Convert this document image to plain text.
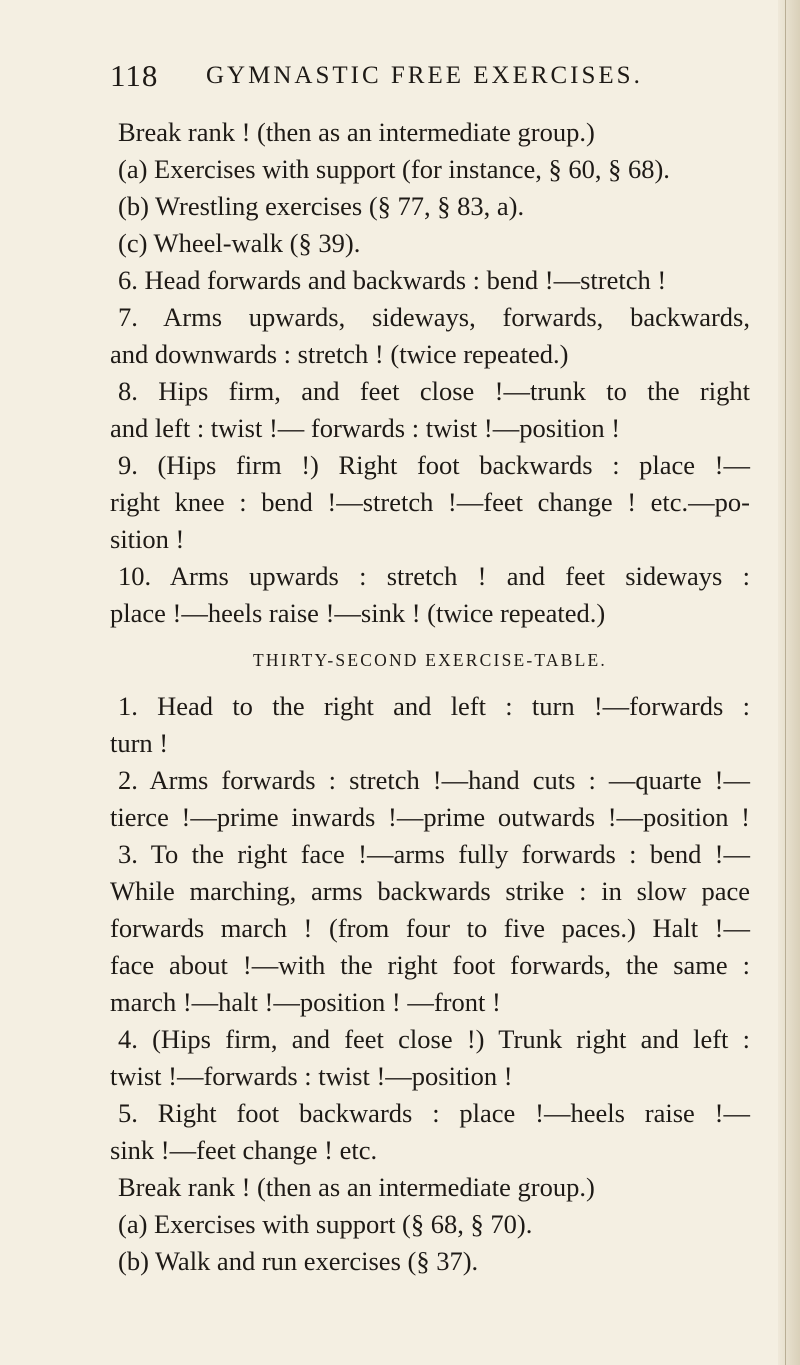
118 GYMNASTIC FREE EXERCISES.
Break rank ! (then as an intermediate group.)
(a) Exercises with support (for instance, § 60, § 68).
(b) Wrestling exercises (§ 77, § 83, a).
(c) Wheel-walk (§ 39).
6. Head forwards and backwards : bend !—stretch !
7. Arms upwards, sideways, forwards, backwards,
and downwards : stretch ! (twice repeated.)
8. Hips firm, and feet close !—trunk to the right
and left : twist !— forwards : twist !—position !
9. (Hips firm !) Right foot backwards : place !—
right knee : bend !—stretch !—feet change ! etc.—po-
sition !
10. Arms upwards : stretch ! and feet sideways :
place !—heels raise !—sink ! (twice repeated.)
THIRTY-SECOND EXERCISE-TABLE.
1. Head to the right and left : turn !—forwards :
turn !
2. Arms forwards : stretch !—hand cuts : —quarte !—
tierce !—prime inwards !—prime outwards !—position !
3. To the right face !—arms fully forwards : bend !—
While marching, arms backwards strike : in slow pace
forwards march ! (from four to five paces.) Halt !—
face about !—with the right foot forwards, the same :
march !—halt !—position ! —front !
4. (Hips firm, and feet close !) Trunk right and left :
twist !—forwards : twist !—position !
5. Right foot backwards : place !—heels raise !—
sink !—feet change ! etc.
Break rank ! (then as an intermediate group.)
(a) Exercises with support (§ 68, § 70).
(b) Walk and run exercises (§ 37).
